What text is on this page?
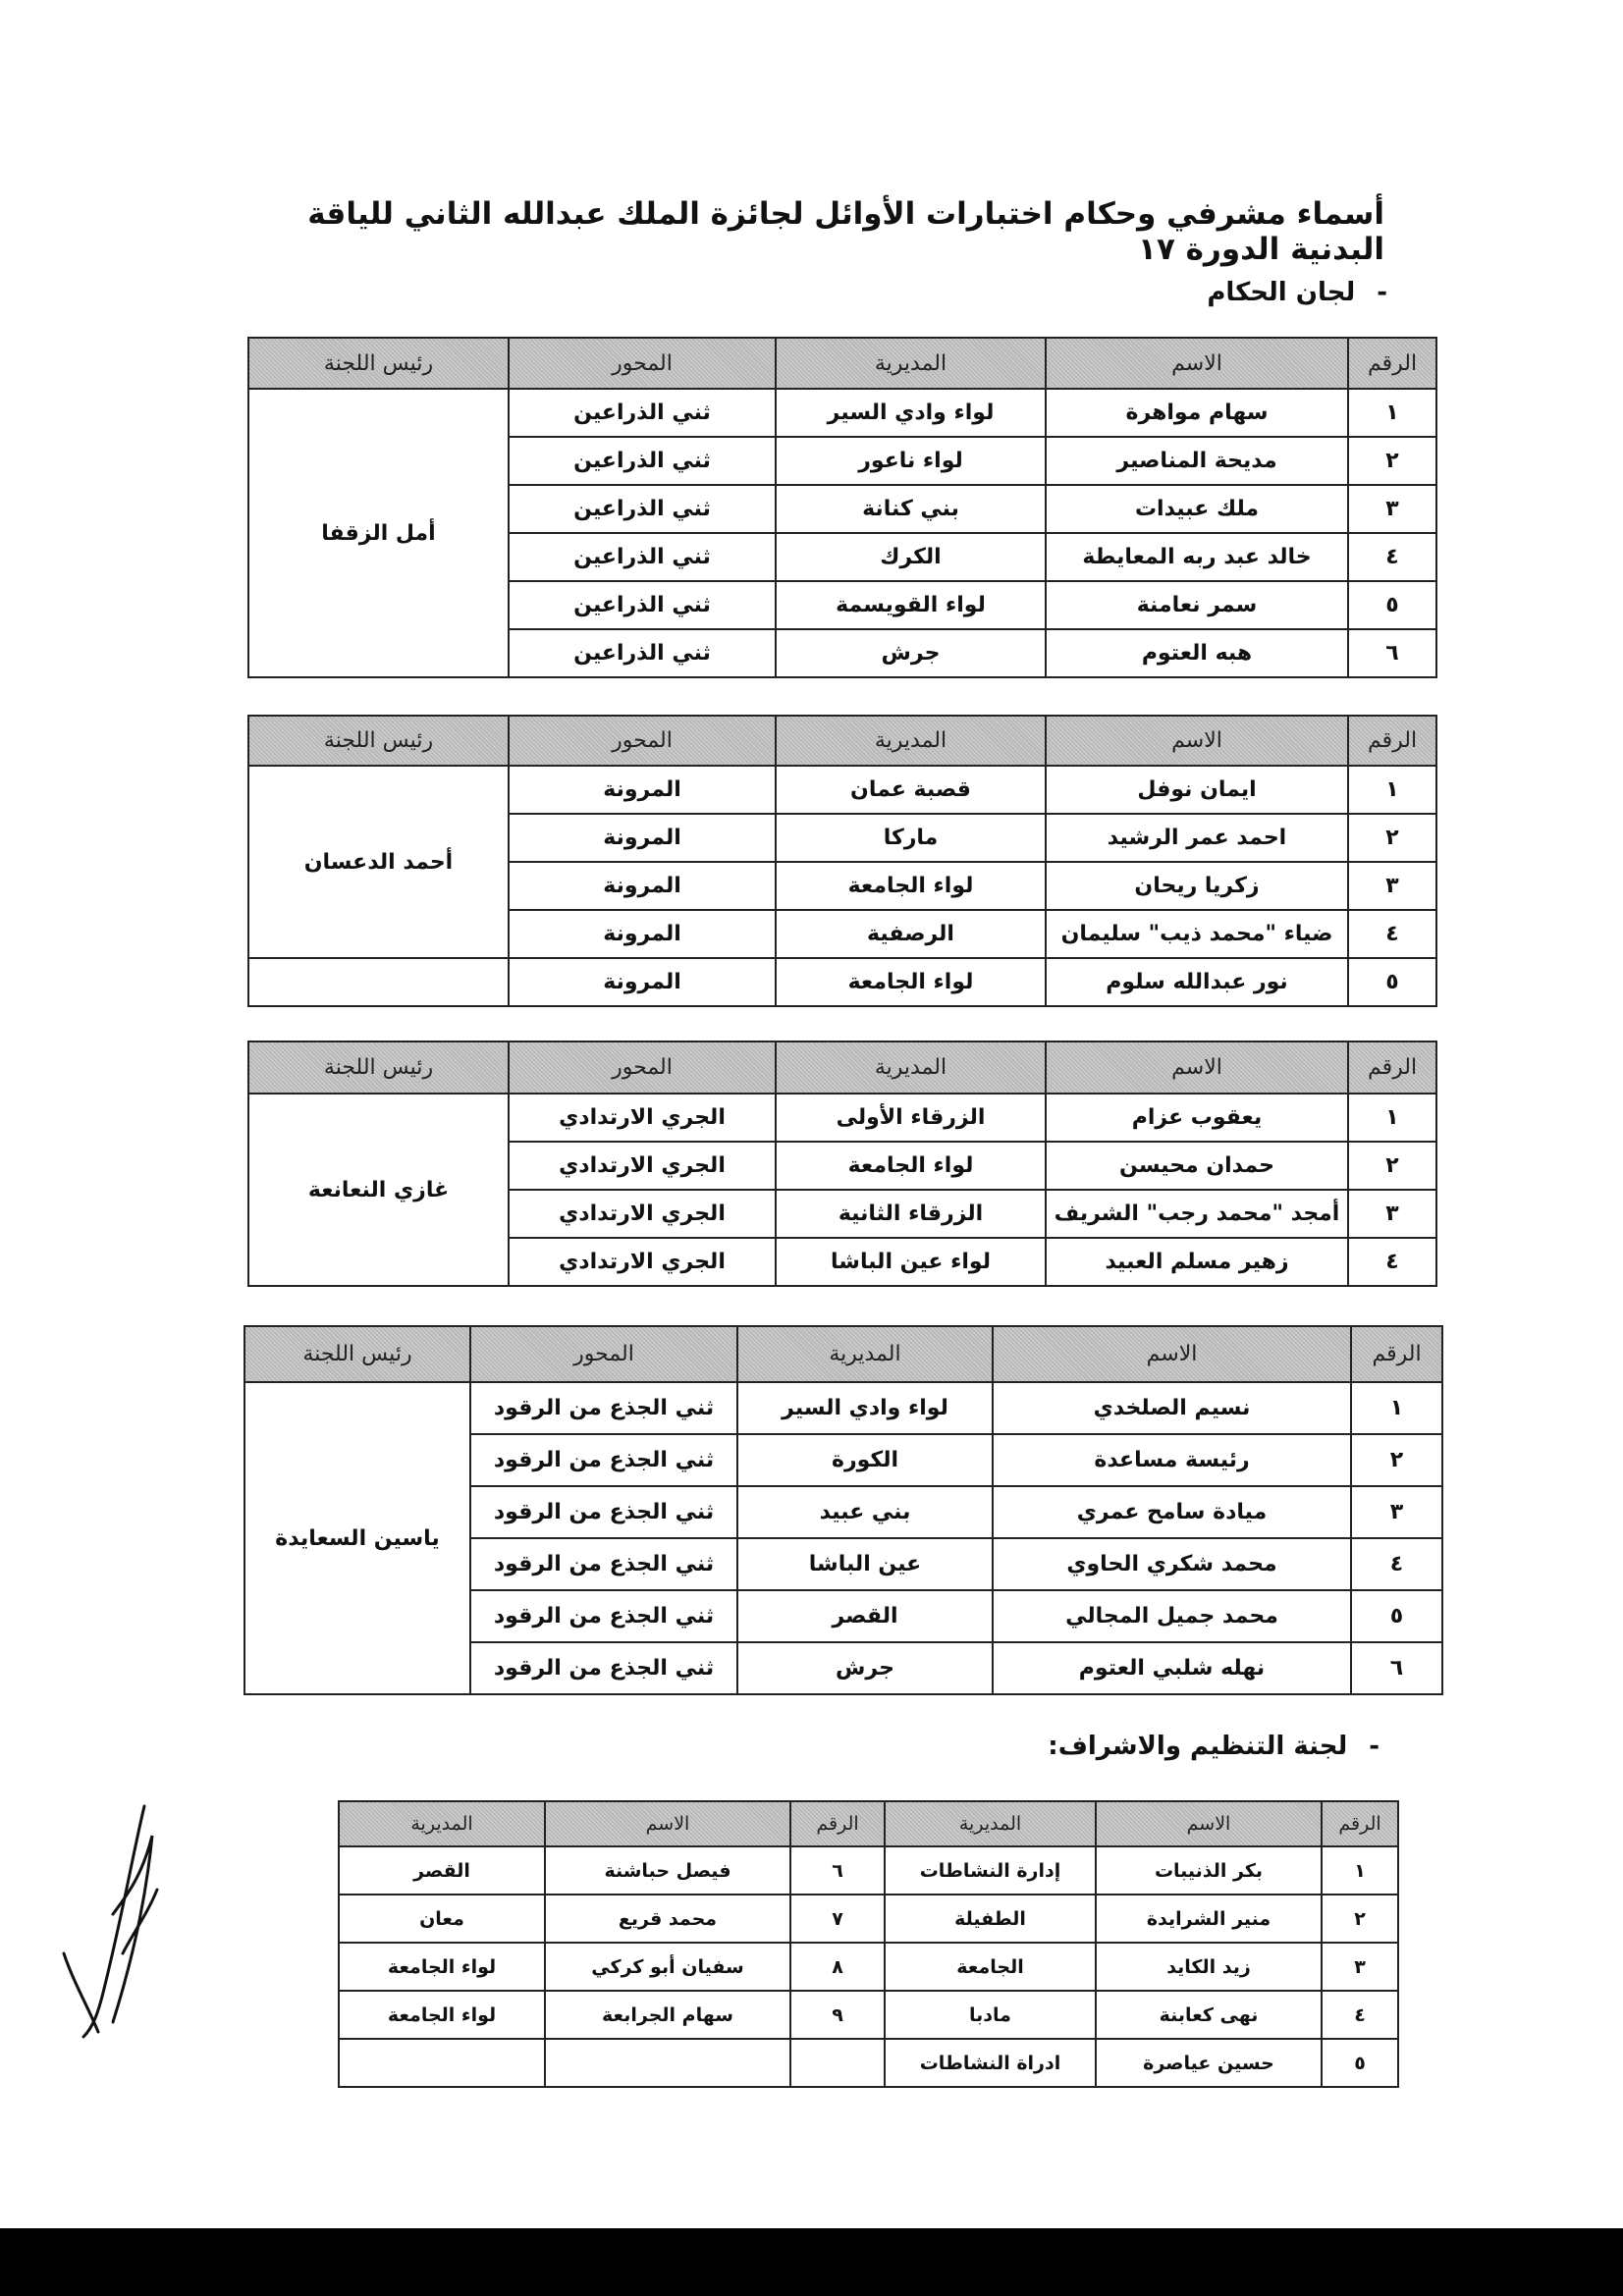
أسماء مشرفي وحكام اختبارات الأوائل لجائزة الملك عبدالله الثاني للياقة البدنية الدورة ١٧
-لجان الحكام
الرقم	الاسم	المديرية	المحور	رئيس اللجنة
١	سهام مواهرة	لواء وادي السير	ثني الذراعين	أمل الزقفا
٢	مديحة المناصير	لواء ناعور	ثني الذراعين	
٣	ملك عبيدات	بني كنانة	ثني الذراعين	
٤	خالد عبد ربه المعايطة	الكرك	ثني الذراعين	
٥	سمر نعامنة	لواء القويسمة	ثني الذراعين	
٦	هبه العتوم	جرش	ثني الذراعين	
الرقم	الاسم	المديرية	المحور	رئيس اللجنة
١	ايمان نوفل	قصبة عمان	المرونة	أحمد الدعسان
٢	احمد عمر الرشيد	ماركا	المرونة	
٣	زكريا ريحان	لواء الجامعة	المرونة	
٤	ضياء "محمد ذيب" سليمان	الرصفية	المرونة	
٥	نور عبدالله سلوم	لواء الجامعة	المرونة	
الرقم	الاسم	المديرية	المحور	رئيس اللجنة
١	يعقوب عزام	الزرقاء الأولى	الجري الارتدادي	غازي النعانعة
٢	حمدان محيسن	لواء الجامعة	الجري الارتدادي	
٣	أمجد "محمد رجب" الشريف	الزرقاء الثانية	الجري الارتدادي	
٤	زهير مسلم العبيد	لواء عين الباشا	الجري الارتدادي	
الرقم	الاسم	المديرية	المحور	رئيس اللجنة
١	نسيم الصلخدي	لواء وادي السير	ثني الجذع من الرقود	ياسين السعايدة
٢	رئيسة مساعدة	الكورة	ثني الجذع من الرقود	
٣	ميادة سامح عمري	بني عبيد	ثني الجذع من الرقود	
٤	محمد شكري الحاوي	عين الباشا	ثني الجذع من الرقود	
٥	محمد جميل المجالي	القصر	ثني الجذع من الرقود	
٦	نهله شلبي العتوم	جرش	ثني الجذع من الرقود	
-لجنة التنظيم والاشراف:
الرقم	الاسم	المديرية	الرقم	الاسم	المديرية
١	بكر الذنيبات	إدارة النشاطات	٦	فيصل حباشنة	القصر
٢	منير الشرايدة	الطفيلة	٧	محمد قريع	معان
٣	زيد الكايد	الجامعة	٨	سفيان أبو كركي	لواء الجامعة
٤	نهى كعابنة	مادبا	٩	سهام الجرابعة	لواء الجامعة
٥	حسين عياصرة	ادراة النشاطات			
